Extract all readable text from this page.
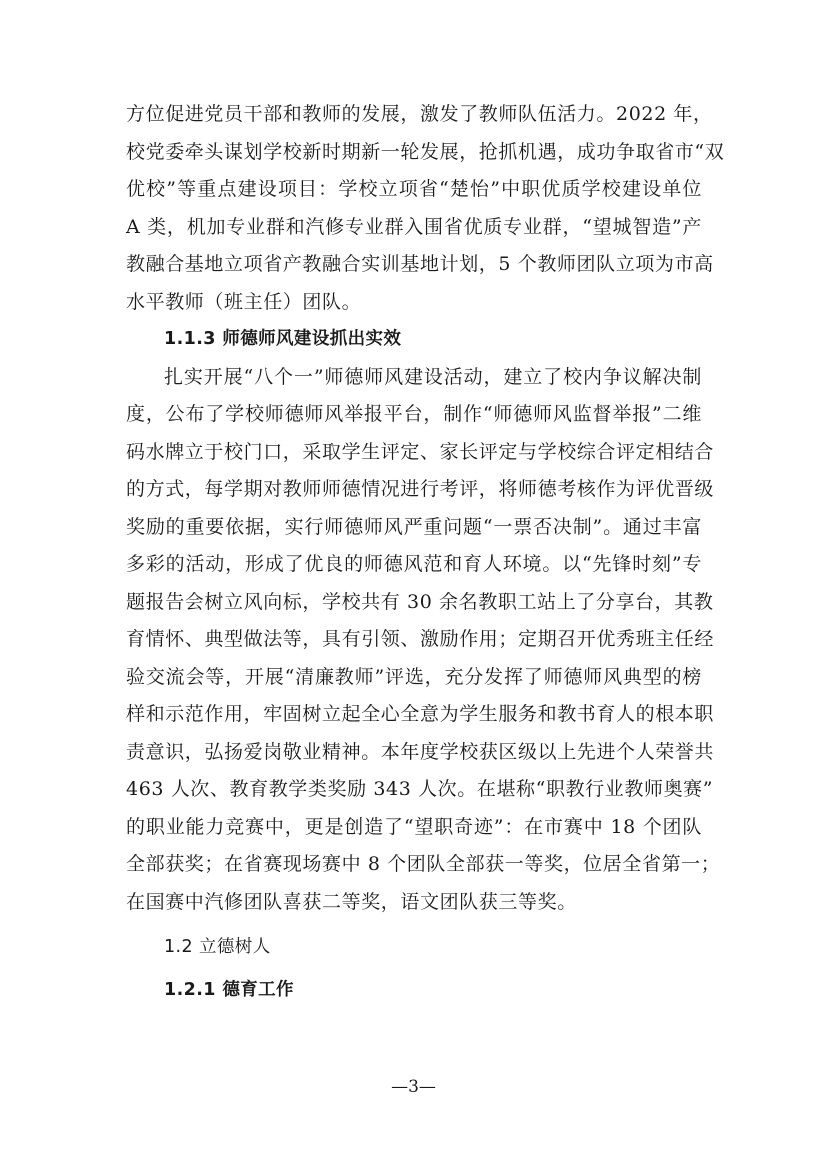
方位促进党员干部和教师的发展，激发了教师队伍活力。2022 年，
校党委牵头谋划学校新时期新一轮发展，抢抓机遇，成功争取省市“双
优校”等重点建设项目：学校立项省“楚怡”中职优质学校建设单位
A 类，机加专业群和汽修专业群入围省优质专业群，“望城智造”产
教融合基地立项省产教融合实训基地计划，5 个教师团队立项为市高
水平教师（班主任）团队。
1.1.3 师德师风建设抓出实效
扎实开展“八个一”师德师风建设活动，建立了校内争议解决制
度，公布了学校师德师风举报平台，制作“师德师风监督举报”二维
码水牌立于校门口，采取学生评定、家长评定与学校综合评定相结合
的方式，每学期对教师师德情况进行考评，将师德考核作为评优晋级
奖励的重要依据，实行师德师风严重问题“一票否决制”。通过丰富
多彩的活动，形成了优良的师德风范和育人环境。以“先锋时刻”专
题报告会树立风向标，学校共有 30 余名教职工站上了分享台，其教
育情怀、典型做法等，具有引领、激励作用；定期召开优秀班主任经
验交流会等，开展“清廉教师”评选，充分发挥了师德师风典型的榜
样和示范作用，牢固树立起全心全意为学生服务和教书育人的根本职
责意识，弘扬爱岗敬业精神。本年度学校获区级以上先进个人荣誉共
463 人次、教育教学类奖励 343 人次。在堪称“职教行业教师奥赛”
的职业能力竞赛中，更是创造了“望职奇迹”：在市赛中 18 个团队
全部获奖；在省赛现场赛中 8 个团队全部获一等奖，位居全省第一；
在国赛中汽修团队喜获二等奖，语文团队获三等奖。
1.2 立德树人
1.2.1 德育工作
—3—
